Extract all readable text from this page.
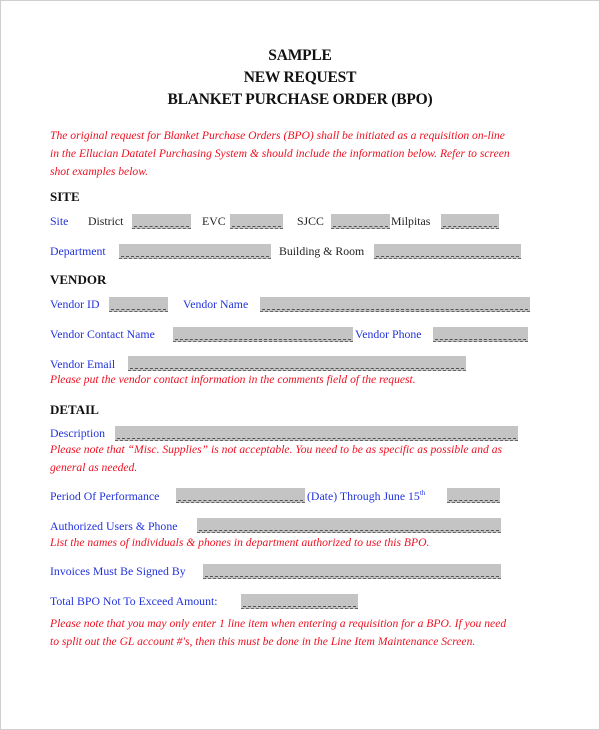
SAMPLE
NEW REQUEST
BLANKET PURCHASE ORDER (BPO)
The original request for Blanket Purchase Orders (BPO) shall be initiated as a requisition on-line
in the Ellucian Datatel Purchasing System & should include the information below. Refer to screen
shot examples below.
SITE
Site District	EVC	SJCC	Milpitas
Department	Building & Room
VENDOR
Vendor ID	Vendor Name
Vendor Contact Name	Vendor Phone
Vendor Email
Please put the vendor contact information in the comments field of the request.
DETAIL
Description
Please note that “Misc. Supplies” is not acceptable. You need to be as specific as possible and as
general as needed.
Period Of Performance	(Date) Through June 15th
Authorized Users & Phone
List the names of individuals & phones in department authorized to use this BPO.
Invoices Must Be Signed By
Total BPO Not To Exceed Amount:
Please note that you may only enter 1 line item when entering a requisition for a BPO. If you need
to split out the GL account #'s, then this must be done in the Line Item Maintenance Screen.
